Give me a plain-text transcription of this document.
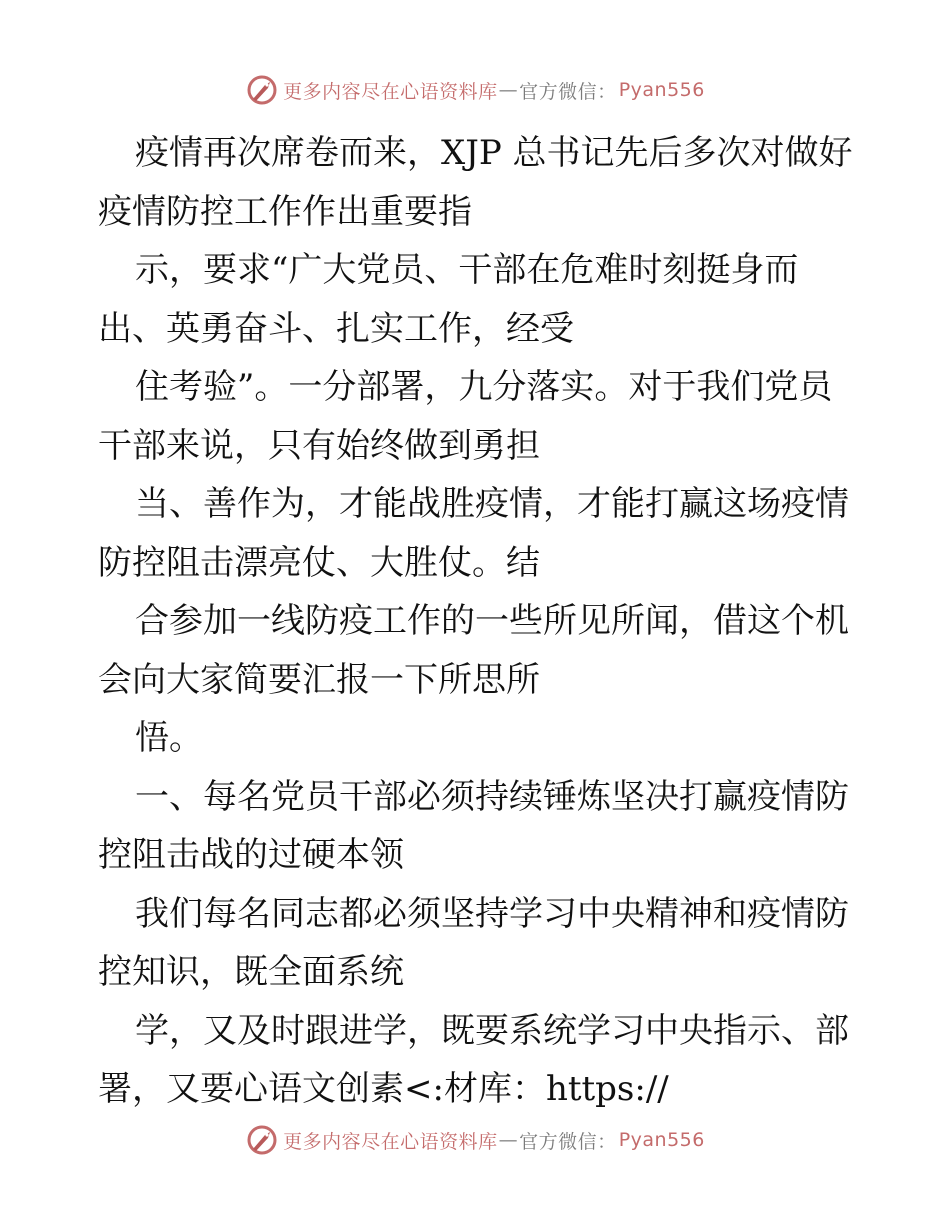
更多内容尽在心语资料库 — 官方微信： Pyan556
疫情再次席卷而来，XJP 总书记先后多次对做好
疫情防控工作作出重要指
示，要求“广大党员、干部在危难时刻挺身而
出、英勇奋斗、扎实工作，经受
住考验”。一分部署，九分落实。对于我们党员
干部来说，只有始终做到勇担
当、善作为，才能战胜疫情，才能打赢这场疫情
防控阻击漂亮仗、大胜仗。结
合参加一线防疫工作的一些所见所闻，借这个机
会向大家简要汇报一下所思所
悟。
一、每名党员干部必须持续锤炼坚决打赢疫情防
控阻击战的过硬本领
我们每名同志都必须坚持学习中央精神和疫情防
控知识，既全面系统
学，又及时跟进学，既要系统学习中央指示、部
署，又要心语文创素<:材库：https://
更多内容尽在心语资料库 — 官方微信： Pyan556
